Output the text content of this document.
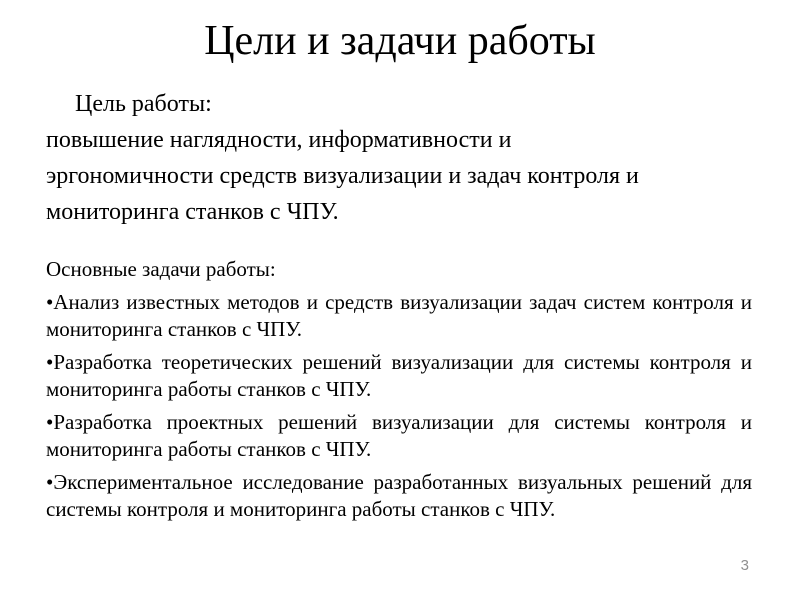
Цели и задачи работы
Цель работы:
повышение наглядности, информативности и
эргономичности средств визуализации и задач контроля и
мониторинга станков с ЧПУ.
Основные задачи работы:

•Анализ известных методов и средств визуализации задач систем контроля и мониторинга станков с ЧПУ.

•Разработка теоретических решений визуализации для системы контроля и мониторинга работы станков с ЧПУ.

•Разработка проектных решений визуализации для системы контроля и мониторинга работы станков с ЧПУ.

•Экспериментальное исследование разработанных визуальных решений для системы контроля и мониторинга работы станков с ЧПУ.

3
